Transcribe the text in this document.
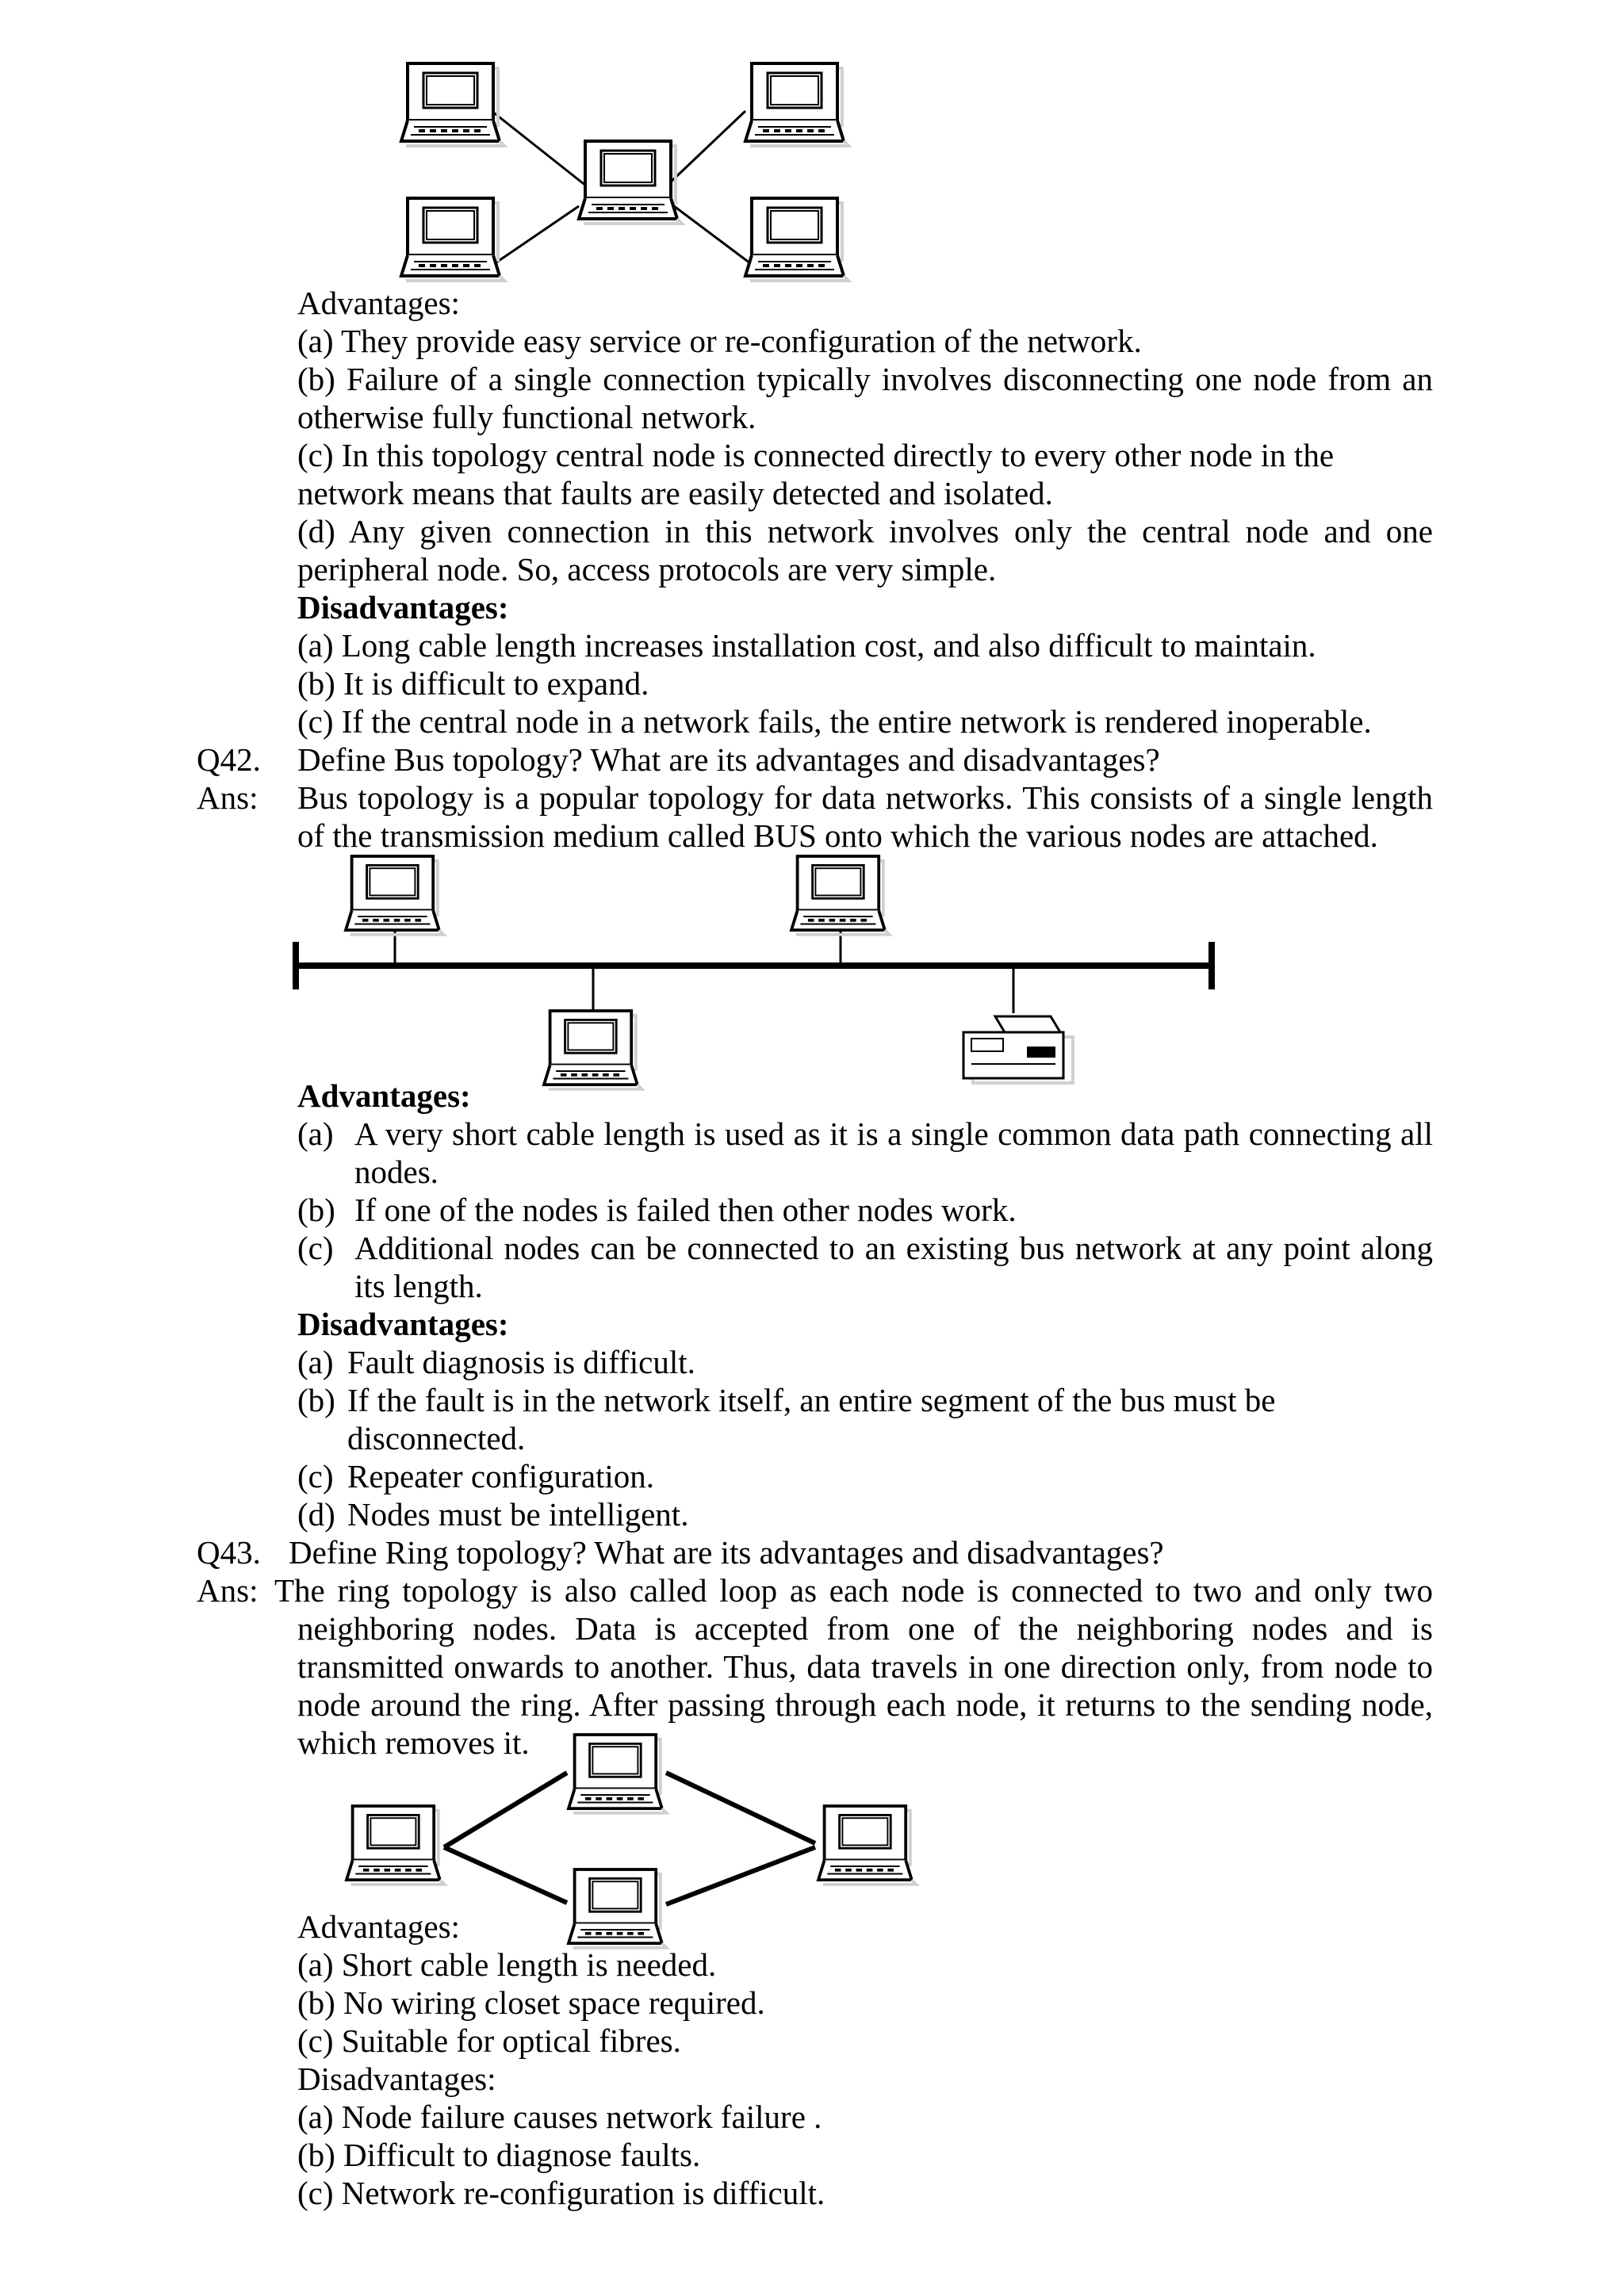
Advantages:
(a) They provide easy service or re-configuration of the network.
(b) Failure of a single connection typically involves disconnecting one node from an
otherwise fully functional network.
(c) In this topology central node is connected directly to every other node in the
network means that faults are easily detected and isolated.
(d) Any given connection in this network involves only the central node and one
peripheral node. So, access protocols are very simple.
Disadvantages:
(a) Long cable length increases installation cost, and also difficult to maintain.
(b) It is difficult to expand.
(c) If the central node in a network fails, the entire network is rendered inoperable.
Q42. Define Bus topology? What are its advantages and disadvantages?
Ans: Bus topology is a popular topology for data networks. This consists of a single length
of the transmission medium called BUS onto which the various nodes are attached.
Advantages:
(a) A very short cable length is used as it is a single common data path connecting all
nodes.
(b) If one of the nodes is failed then other nodes work.
(c) Additional nodes can be connected to an existing bus network at any point along
its length.
Disadvantages:
(a) Fault diagnosis is difficult.
(b) If the fault is in the network itself, an entire segment of the bus must be
disconnected.
(c) Repeater configuration.
(d) Nodes must be intelligent.
Q43. Define Ring topology? What are its advantages and disadvantages?
Ans: The ring topology is also called loop as each node is connected to two and only two
neighboring nodes. Data is accepted from one of the neighboring nodes and is
transmitted onwards to another. Thus, data travels in one direction only, from node to
node around the ring. After passing through each node, it returns to the sending node,
which removes it.
Advantages:
(a) Short cable length is needed.
(b) No wiring closet space required.
(c) Suitable for optical fibres.
Disadvantages:
(a) Node failure causes network failure .
(b) Difficult to diagnose faults.
(c) Network re-configuration is difficult.
